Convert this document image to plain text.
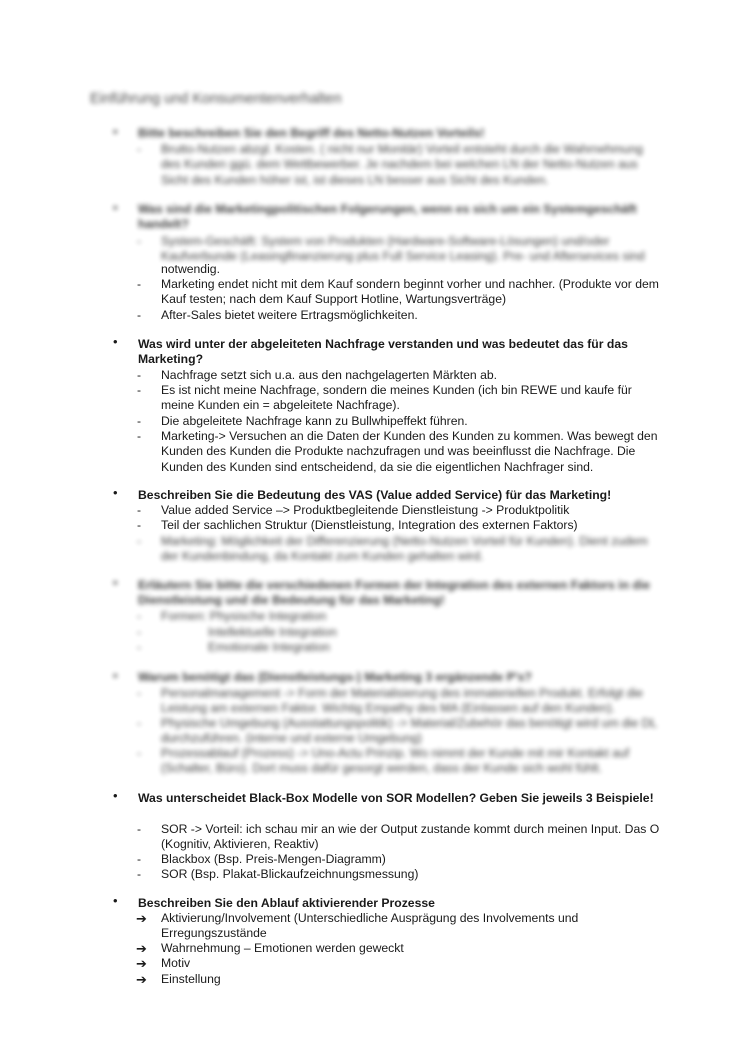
Einführung und Konsumentenverhalten
• Bitte beschreiben Sie den Begriff des Netto-Nutzen Vorteils!
- Brutto-Nutzen abzgl. Kosten. ( nicht nur Monitär) Vorteil entsteht durch die Wahrnehmung des Kunden ggü. dem Wettbewerber. Je nachdem bei welchen LN der Netto-Nutzen aus Sicht des Kunden höher ist, ist dieses LN besser aus Sicht des Kunden.
• Was sind die Marketingpolitischen Folgerungen, wenn es sich um ein Systemgeschäft handelt?
- System-Geschäft: System von Produkten (Hardware-Software-Lösungen) und/oder Kaufverbunde (Leasingfinanzierung plus Full Service Leasing). Pre- und Aftersevices sind
notwendig.
- Marketing endet nicht mit dem Kauf sondern beginnt vorher und nachher. (Produkte vor dem Kauf testen; nach dem Kauf Support Hotline, Wartungsverträge)
- After-Sales bietet weitere Ertragsmöglichkeiten.
• Was wird unter der abgeleiteten Nachfrage verstanden und was bedeutet das für das Marketing?
- Nachfrage setzt sich u.a. aus den nachgelagerten Märkten ab.
- Es ist nicht meine Nachfrage, sondern die meines Kunden (ich bin REWE und kaufe für meine Kunden ein = abgeleitete Nachfrage).
- Die abgeleitete Nachfrage kann zu Bullwhipeffekt führen.
- Marketing-> Versuchen an die Daten der Kunden des Kunden zu kommen. Was bewegt den Kunden des Kunden die Produkte nachzufragen und was beeinflusst die Nachfrage. Die Kunden des Kunden sind entscheidend, da sie die eigentlichen Nachfrager sind.
• Beschreiben Sie die Bedeutung des VAS (Value added Service) für das Marketing!
- Value added Service –> Produktbegleitende Dienstleistung -> Produktpolitik
- Teil der sachlichen Struktur (Dienstleistung, Integration des externen Faktors)
- Marketing: Möglichkeit der Differenzierung (Netto-Nutzen Vorteil für Kunden). Dient zudem der Kundenbindung, da Kontakt zum Kunden gehalten wird.
• Erläutern Sie bitte die verschiedenen Formen der Integration des externen Faktors in die Dienstleistung und die Bedeutung für das Marketing!
- Formen: Physische Integration
-	Intellektuelle Integration
-	Emotionale Integration
• Warum benötigt das (Dienstleistungs-) Marketing 3 ergänzende P's?
- Personalmanagement -> Form der Materialisierung des immateriellen Produkt. Erfolgt die Leistung am externen Faktor. Wichtig Empathy des MA (Einlassen auf den Kunden).
- Physische Umgebung (Ausstattungspolitik) -> Material/Zubehör das benötigt wird um die DL durchzuführen. (interne und externe Umgebung)
- Prozessablauf (Prozess) -> Uno-Actu Prinzip. Wo nimmt der Kunde mit mir Kontakt auf (Schalter, Büro). Dort muss dafür gesorgt werden, dass der Kunde sich wohl fühlt.
• Was unterscheidet Black-Box Modelle von SOR Modellen? Geben Sie jeweils 3 Beispiele!
- SOR -> Vorteil: ich schau mir an wie der Output zustande kommt durch meinen Input. Das O (Kognitiv, Aktivieren, Reaktiv)
- Blackbox (Bsp. Preis-Mengen-Diagramm)
- SOR (Bsp. Plakat-Blickaufzeichnungsmessung)
• Beschreiben Sie den Ablauf aktivierender Prozesse
➔ Aktivierung/Involvement (Unterschiedliche Ausprägung des Involvements und Erregungszustände
➔ Wahrnehmung – Emotionen werden geweckt
➔ Motiv
➔ Einstellung
